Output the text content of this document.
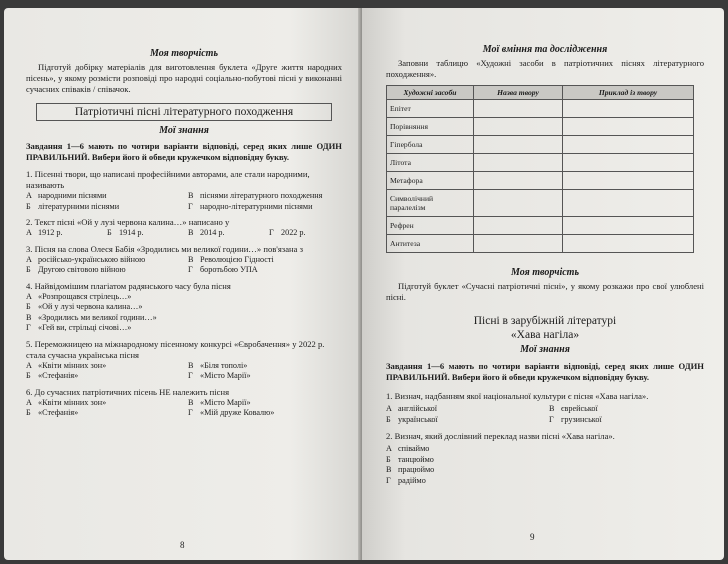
Моя творчість

Підготуй добірку матеріалів для виготовлення буклета «Друге життя народних пісень», у якому розмісти розповіді про народні соціально-побутові пісні у виконанні сучасних співаків / співачок.

Патріотичні пісні літературного походження

Мої знання

Завдання 1—6 мають по чотири варіанти відповіді, серед яких лише ОДИН ПРАВИЛЬНИЙ. Вибери його й обведи кружечком відповідну букву.

1. Пісенні твори, що написані професійними авторами, але стали народними, називають

А народними піснями	В піснями літературного походження
Б літературними піснями	Г народно-літературними піснями

2. Текст пісні «Ой у лузі червона калина…» написано у

А 1912 р.	Б 1914 р.	В 2014 р.	Г 2022 р.

3. Пісня на слова Олеся Бабія «Зродились ми великої години…» пов'язана з

А російсько-українською війною	В Революцією Гідності
Б Другою світовою війною	Г боротьбою УПА

4. Найвідомішим плагіатом радянського часу була пісня

А «Розпрощався стрілець…»
Б «Ой у лузі червона калина…»
В «Зродились ми великої години…»
Г «Гей ви, стрільці січові…»

5. Переможницею на міжнародному пісенному конкурсі «Євробачення» у 2022 р. стала сучасна українська пісня

А «Квіти мінних зон»	В «Біля тополі»
Б «Стефанія»	Г «Місто Марії»

6. До сучасних патріотичних пісень НЕ належить пісня

А «Квіти мінних зон»	В «Місто Марії»
Б «Стефанія»	Г «Мій друже Ковалю»
8

Мої вміння та дослідження

Заповни таблицю «Художні засоби в патріотичних піснях літературного походження».

Художні засоби	Назва твору	Приклад із твору
Епітет		
Порівняння		
Гіпербола		
Літота		
Метафора		
Символічний паралелізм		
Рефрен		
Антитеза		

Моя творчість

Підготуй буклет «Сучасні патріотичні пісні», у якому розкажи про свої улюблені пісні.

Пісні в зарубіжній літературі

«Хава нагіла»

Мої знання

Завдання 1—6 мають по чотири варіанти відповіді, серед яких лише ОДИН ПРАВИЛЬНИЙ. Вибери його й обведи кружечком відповідну букву.

1. Визнач, надбанням якої національної культури є пісня «Хава нагіла».

А англійської	В єврейської
Б української	Г грузинської

2. Визнач, який дослівний переклад назви пісні «Хава нагіла».

А співаймо
Б танцюймо
В працюймо
Г радіймо
9
